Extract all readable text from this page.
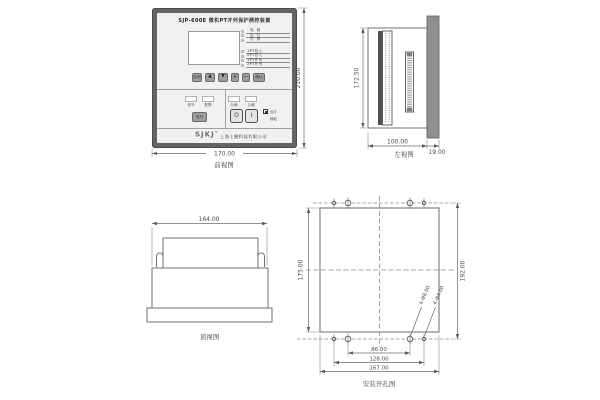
SJP-600E 微机PT并列保护测控装置
电源
运行
告警
1PT投入
2PT投入
1PT并列
2PT并列
取消	▲	▼	+	−	确认
信号	报警
复归
分闸	合闸
O I	远方
就地
SJKJ®
上海上继科技有限公司
170.00
210.00
前视图
172.50
100.00
19.00
左视图
164.00
顶视图
4-Φ8.00 4-Φ4.00
175.00	192.00
86.00
128.00
167.00
安装开孔图
